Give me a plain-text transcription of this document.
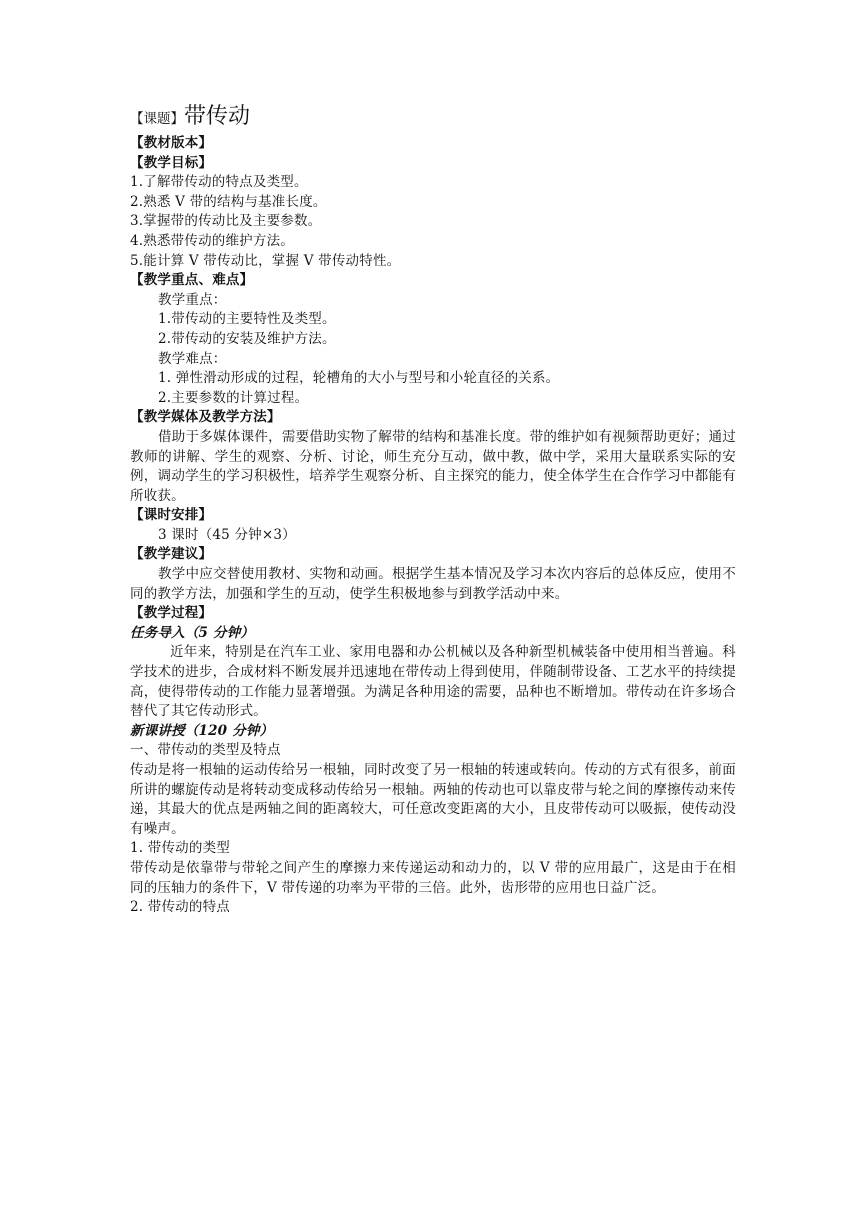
【课题】带传动
【教材版本】
【教学目标】
1.了解带传动的特点及类型。
2.熟悉 V 带的结构与基准长度。
3.掌握带的传动比及主要参数。
4.熟悉带传动的维护方法。
5.能计算 V 带传动比，掌握 V 带传动特性。
【教学重点、难点】
教学重点：
1.带传动的主要特性及类型。
2.带传动的安装及维护方法。
教学难点：
1. 弹性滑动形成的过程，轮槽角的大小与型号和小轮直径的关系。
2.主要参数的计算过程。
【教学媒体及教学方法】
借助于多媒体课件，需要借助实物了解带的结构和基准长度。带的维护如有视频帮助更好；通过教师的讲解、学生的观察、分析、讨论，师生充分互动，做中教，做中学，采用大量联系实际的安例，调动学生的学习积极性，培养学生观察分析、自主探究的能力，使全体学生在合作学习中都能有所收获。
【课时安排】
3 课时（45 分钟×3）
【教学建议】
教学中应交替使用教材、实物和动画。根据学生基本情况及学习本次内容后的总体反应，使用不同的教学方法，加强和学生的互动，使学生积极地参与到教学活动中来。
【教学过程】
任务导入（5 分钟）
近年来，特别是在汽车工业、家用电器和办公机械以及各种新型机械装备中使用相当普遍。科学技术的进步，合成材料不断发展并迅速地在带传动上得到使用，伴随制带设备、工艺水平的持续提高，使得带传动的工作能力显著增强。为满足各种用途的需要，品种也不断增加。带传动在许多场合替代了其它传动形式。
新课讲授（120 分钟）
一、带传动的类型及特点
传动是将一根轴的运动传给另一根轴，同时改变了另一根轴的转速或转向。传动的方式有很多，前面所讲的螺旋传动是将转动变成移动传给另一根轴。两轴的传动也可以靠皮带与轮之间的摩擦传动来传递，其最大的优点是两轴之间的距离较大，可任意改变距离的大小，且皮带传动可以吸振，使传动没有噪声。
1. 带传动的类型
带传动是依靠带与带轮之间产生的摩擦力来传递运动和动力的，以 V 带的应用最广，这是由于在相同的压轴力的条件下，V 带传递的功率为平带的三倍。此外，齿形带的应用也日益广泛。
2. 带传动的特点
